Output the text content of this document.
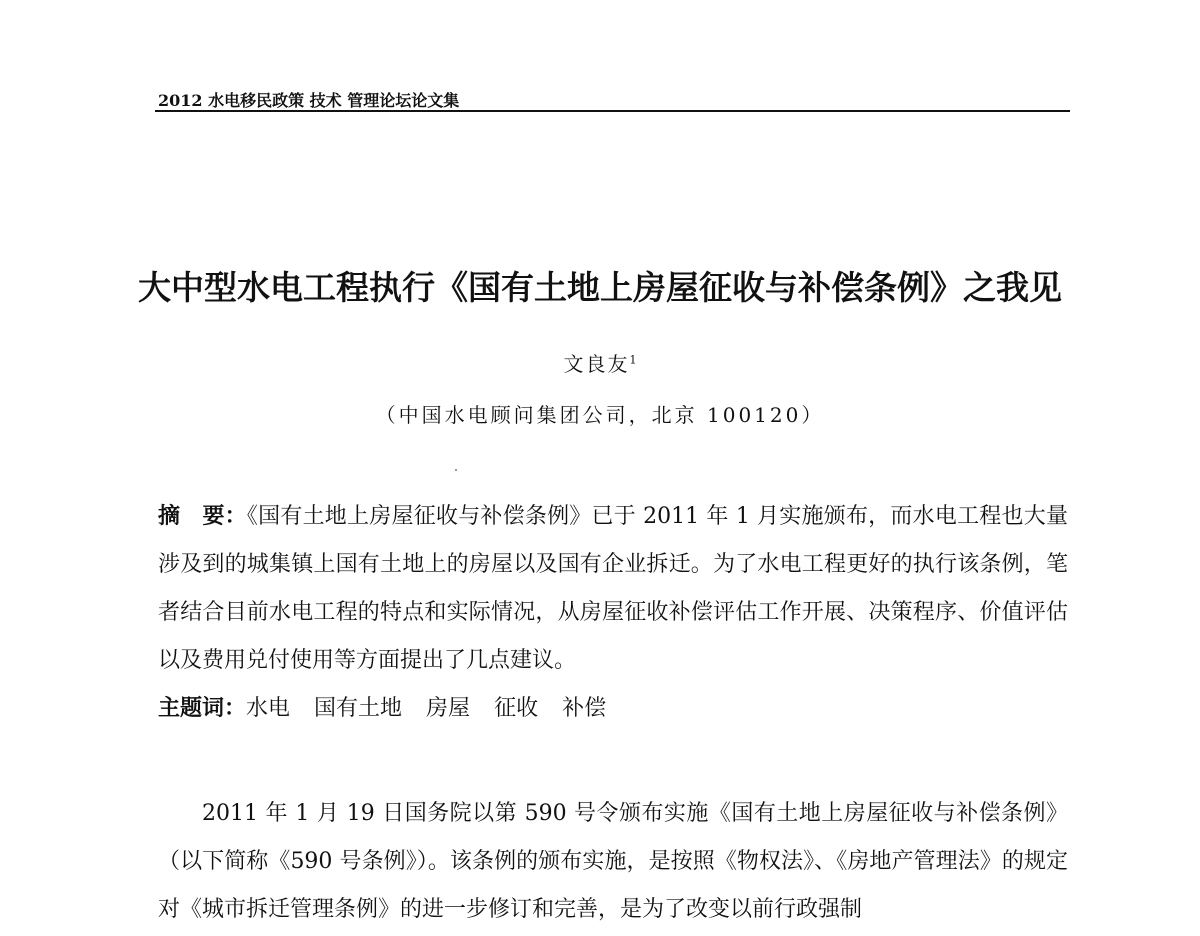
2012 水电移民政策 技术 管理论坛论文集
大中型水电工程执行《国有土地上房屋征收与补偿条例》之我见
文良友$^1$
（中国水电顾问集团公司，北京 100120）
摘　要：《国有土地上房屋征收与补偿条例》已于 2011 年 1 月实施颁布，而水电工程也大量涉及到的城集镇上国有土地上的房屋以及国有企业拆迁。为了水电工程更好的执行该条例，笔者结合目前水电工程的特点和实际情况，从房屋征收补偿评估工作开展、决策程序、价值评估以及费用兑付使用等方面提出了几点建议。
主题词：水电 国有土地 房屋 征收 补偿
2011 年 1 月 19 日国务院以第 590 号令颁布实施《国有土地上房屋征收与补偿条例》（以下简称《590 号条例》）。该条例的颁布实施，是按照《物权法》、《房地产管理法》的规定对《城市拆迁管理条例》的进一步修订和完善，是为了改变以前行政强制
